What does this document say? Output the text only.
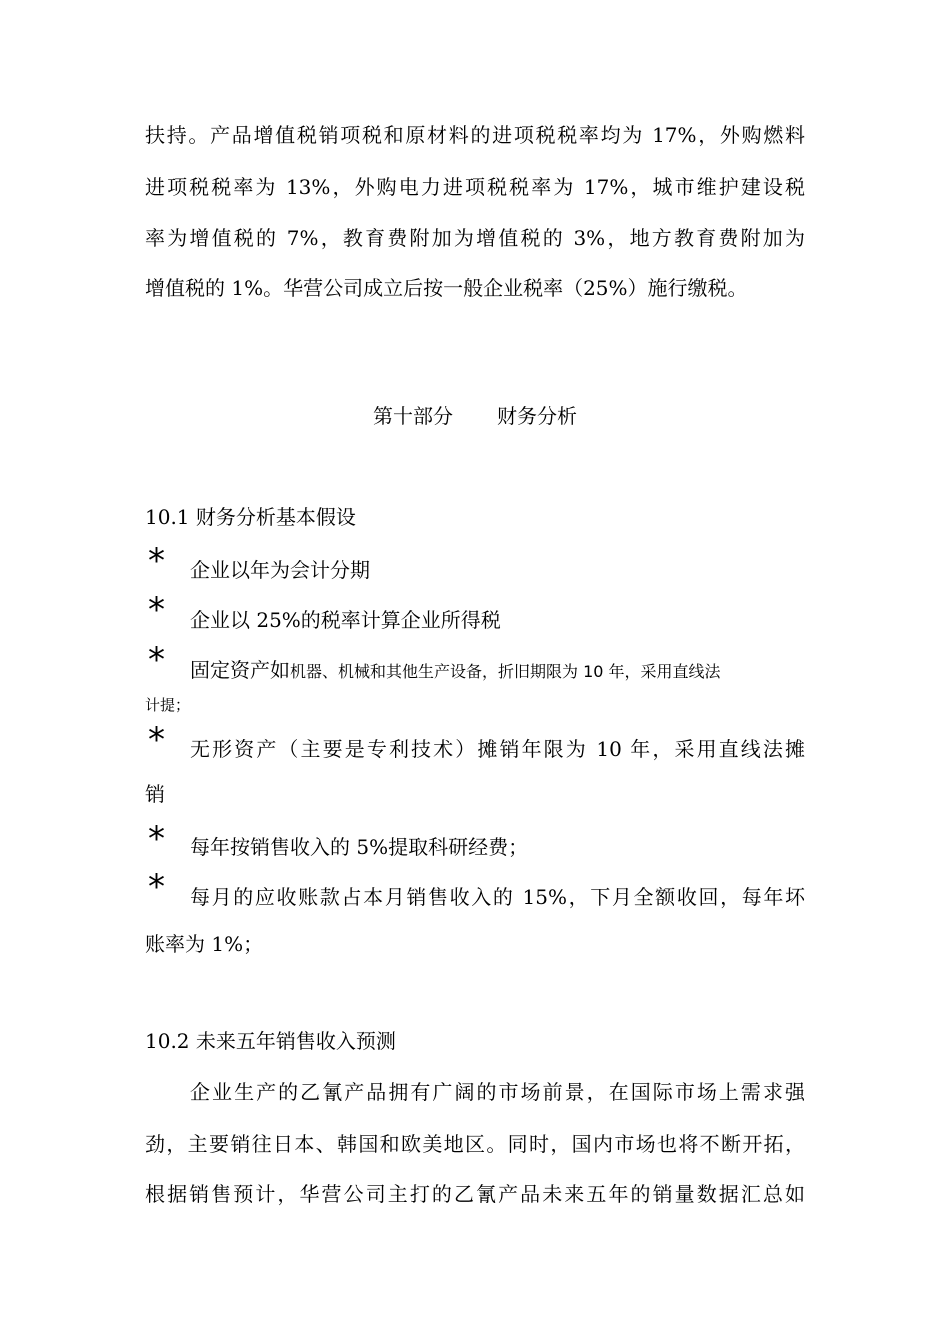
扶持。产品增值税销项税和原材料的进项税税率均为 17%，外购燃料
进项税税率为 13%，外购电力进项税税率为 17%，城市维护建设税
率为增值税的 7%，教育费附加为增值税的 3%，地方教育费附加为
增值税的 1%。华营公司成立后按一般企业税率（25%）施行缴税。
第十部分 财务分析
10.1 财务分析基本假设
* 企业以年为会计分期
* 企业以 25%的税率计算企业所得税
* 固定资产如机器、机械和其他生产设备，折旧期限为 10 年，采用直线法
计提；
* 无形资产（主要是专利技术）摊销年限为 10 年，采用直线法摊
销
* 每年按销售收入的 5%提取科研经费；
* 每月的应收账款占本月销售收入的 15%，下月全额收回，每年坏
账率为 1%；
10.2 未来五年销售收入预测
企业生产的乙氰产品拥有广阔的市场前景，在国际市场上需求强
劲，主要销往日本、韩国和欧美地区。同时，国内市场也将不断开拓，
根据销售预计，华营公司主打的乙氰产品未来五年的销量数据汇总如
